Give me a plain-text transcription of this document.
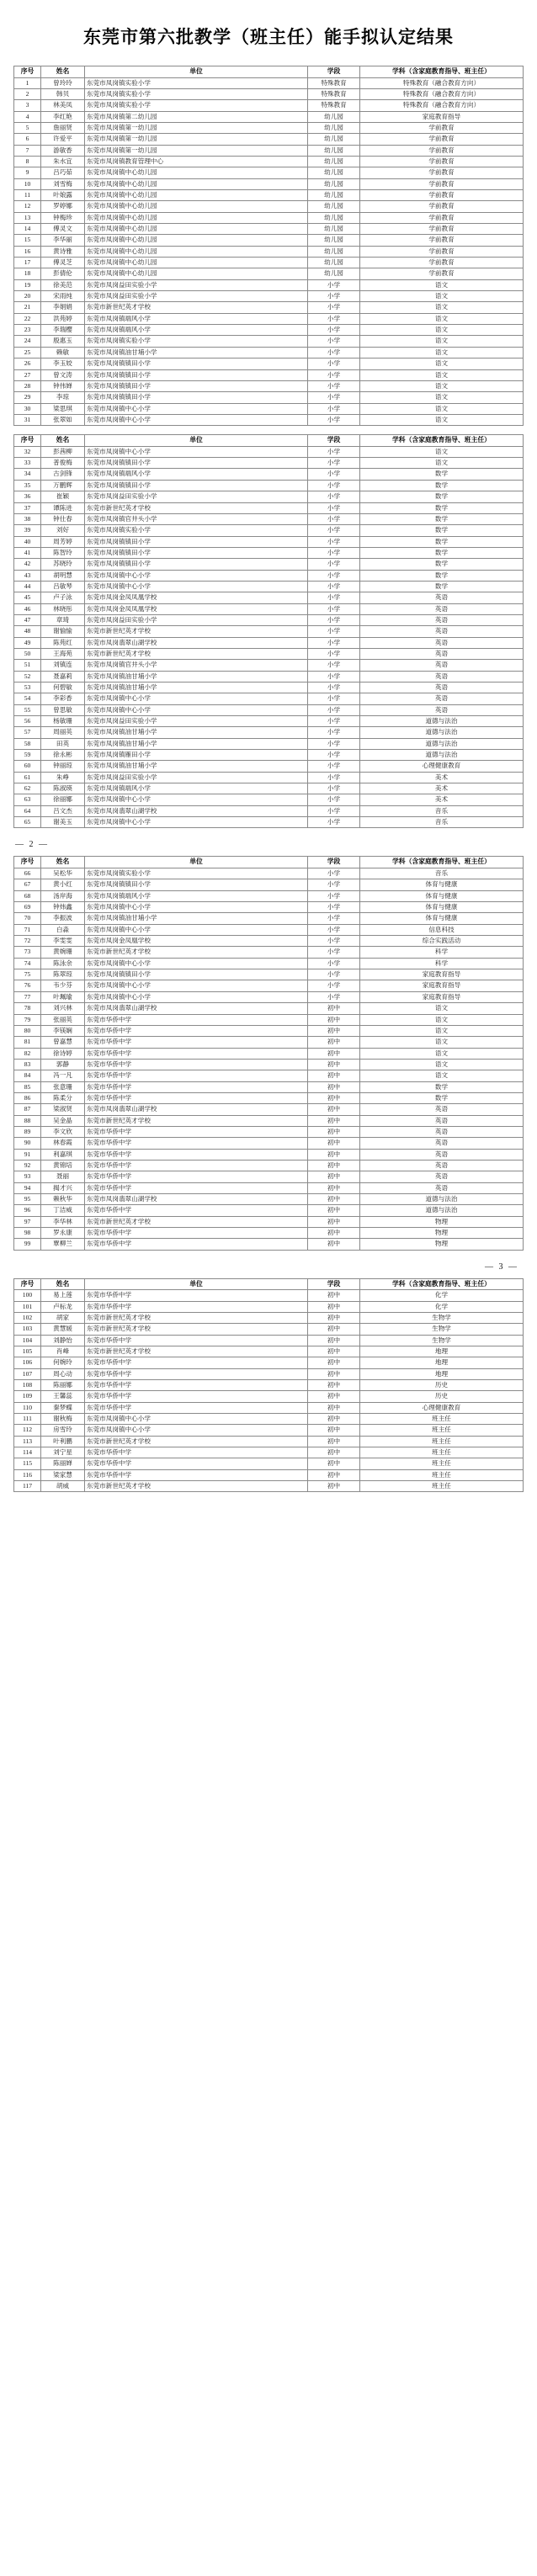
东莞市第六批教学（班主任）能手拟认定结果
序号	姓名	单位	学段	学科（含家庭教育指导、班主任）
1	曾玲玲	东莞市凤岗镇实验小学	特殊教育	特殊教育（融合教育方向）
2	韩贝	东莞市凤岗镇实验小学	特殊教育	特殊教育（融合教育方向）
3	林美凤	东莞市凤岗镇实验小学	特殊教育	特殊教育（融合教育方向）
4	李红艳	东莞市凤岗镇第二幼儿园	幼儿园	家庭教育指导
5	詹丽贤	东莞市凤岗镇第一幼儿园	幼儿园	学前教育
6	许爱平	东莞市凤岗镇第一幼儿园	幼儿园	学前教育
7	游敏香	东莞市凤岗镇第一幼儿园	幼儿园	学前教育
8	朱水宜	东莞市凤岗镇教育管理中心	幼儿园	学前教育
9	吕巧茹	东莞市凤岗镇中心幼儿园	幼儿园	学前教育
10	刘雪梅	东莞市凤岗镇中心幼儿园	幼儿园	学前教育
11	叶娘露	东莞市凤岗镇中心幼儿园	幼儿园	学前教育
12	罗婷娜	东莞市凤岗镇中心幼儿园	幼儿园	学前教育
13	钟梅珍	东莞市凤岗镇中心幼儿园	幼儿园	学前教育
14	傅灵文	东莞市凤岗镇中心幼儿园	幼儿园	学前教育
15	李华丽	东莞市凤岗镇中心幼儿园	幼儿园	学前教育
16	黄诗雅	东莞市凤岗镇中心幼儿园	幼儿园	学前教育
17	傅灵芝	东莞市凤岗镇中心幼儿园	幼儿园	学前教育
18	彭倩伦	东莞市凤岗镇中心幼儿园	幼儿园	学前教育
19	徐美范	东莞市凤岗益田实验小学	小学	语文
20	宋雨纯	东莞市凤岗益田实验小学	小学	语文
21	李娟娟	东莞市新世纪英才学校	小学	语文
22	洪苑婷	东莞市凤岗镇端风小学	小学	语文
23	李瑞樱	东莞市凤岗镇端风小学	小学	语文
24	殷惠玉	东莞市凤岗镇实验小学	小学	语文
25	赖敏	东莞市凤岗镇油甘埔小学	小学	语文
26	李玉姣	东莞市凤岗镇镇田小学	小学	语文
27	曾文涛	东莞市凤岗镇镇田小学	小学	语文
28	钟伟婵	东莞市凤岗镇镇田小学	小学	语文
29	李琼	东莞市凤岗镇镇田小学	小学	语文
30	梁思琪	东莞市凤岗镇中心小学	小学	语文
31	张翠如	东莞市凤岗镇中心小学	小学	语文
序号	姓名	单位	学段	学科（含家庭教育指导、班主任）
32	彭茜柳	东莞市凤岗镇中心小学	小学	语文
33	普俊梅	东莞市凤岗镇镇田小学	小学	语文
34	古剑锋	东莞市凤岗镇端风小学	小学	数学
35	万鹏辉	东莞市凤岗镇镇田小学	小学	数学
36	崔颖	东莞市凤岗益田实验小学	小学	数学
37	谭陈进	东莞市新世纪英才学校	小学	数学
38	钟仕春	东莞市凤岗镇官井头小学	小学	数学
39	刘好	东莞市凤岗镇实验小学	小学	数学
40	周芳婷	东莞市凤岗镇镇田小学	小学	数学
41	陈智玲	东莞市凤岗镇镇田小学	小学	数学
42	苏晓玲	东莞市凤岗镇镇田小学	小学	数学
43	胡明慧	东莞市凤岗镇中心小学	小学	数学
44	吕敏琴	东莞市凤岗镇中心小学	小学	数学
45	卢子泳	东莞市凤岗金凤凤凰学校	小学	英语
46	林晓彤	东莞市凤岗金凤凤凰学校	小学	英语
47	章琦	东莞市凤岗益田实验小学	小学	英语
48	谢愉愉	东莞市新世纪英才学校	小学	英语
49	陈苑红	东莞市凤岗翡翠山湖学校	小学	英语
50	王海苑	东莞市新世纪英才学校	小学	英语
51	刘镇连	东莞市凤岗镇官井头小学	小学	英语
52	聂嘉莉	东莞市凤岗镇油甘埔小学	小学	英语
53	何碧敏	东莞市凤岗镇油甘埔小学	小学	英语
54	李彩香	东莞市凤岗镇中心小学	小学	英语
55	曾思敏	东莞市凤岗镇中心小学	小学	英语
56	杨敏珊	东莞市凤岗益田实验小学	小学	道德与法治
57	周丽英	东莞市凤岗镇油甘埔小学	小学	道德与法治
58	田英	东莞市凤岗镇油甘埔小学	小学	道德与法治
59	徐永彬	东莞市凤岗镇雁田小学	小学	道德与法治
60	钟丽琼	东莞市凤岗镇油甘埔小学	小学	心理健康教育
61	朱峥	东莞市凤岗益田实验小学	小学	美术
62	陈淑瑛	东莞市凤岗镇端风小学	小学	美术
63	徐丽娜	东莞市凤岗镇中心小学	小学	美术
64	吕文杰	东莞市凤岗翡翠山湖学校	小学	音乐
65	谢美玉	东莞市凤岗镇中心小学	小学	音乐
— 2 —
序号	姓名	单位	学段	学科（含家庭教育指导、班主任）
66	吴松华	东莞市凤岗镇实验小学	小学	音乐
67	黄小红	东莞市凤岗镇镇田小学	小学	体育与健康
68	汤岸海	东莞市凤岗镇端风小学	小学	体育与健康
69	钟炜鑫	东莞市凤岗镇中心小学	小学	体育与健康
70	李振波	东莞市凤岗镇油甘埔小学	小学	体育与健康
71	白淼	东莞市凤岗镇中心小学	小学	信息科技
72	李雯雯	东莞市凤岗金凤凰学校	小学	综合实践活动
73	黄婉珊	东莞市新世纪英才学校	小学	科学
74	陈泳余	东莞市凤岗镇中心小学	小学	科学
75	陈翠琼	东莞市凤岗镇镇田小学	小学	家庭教育指导
76	韦少芬	东莞市凤岗镇中心小学	小学	家庭教育指导
77	叶珮瑜	东莞市凤岗镇中心小学	小学	家庭教育指导
78	刘兴林	东莞市凤岗翡翠山湖学校	初中	语文
79	张丽英	东莞市华侨中学	初中	语文
80	李镁娴	东莞市华侨中学	初中	语文
81	曾嘉慧	东莞市华侨中学	初中	语文
82	徐诗婷	东莞市华侨中学	初中	语文
83	郭静	东莞市华侨中学	初中	语文
84	冯一凡	东莞市华侨中学	初中	语文
85	张意珊	东莞市华侨中学	初中	数学
86	陈柔分	东莞市华侨中学	初中	数学
87	梁淑贤	东莞市凤岗翡翠山湖学校	初中	英语
88	吴金晶	东莞市新世纪英才学校	初中	英语
89	李文欣	东莞市华侨中学	初中	英语
90	林春霞	东莞市华侨中学	初中	英语
91	利嘉琪	东莞市华侨中学	初中	英语
92	黄锦培	东莞市华侨中学	初中	英语
93	聂丽	东莞市华侨中学	初中	英语
94	揭才兴	东莞市华侨中学	初中	英语
95	赖秋华	东莞市凤岗翡翠山湖学校	初中	道德与法治
96	丁洁威	东莞市华侨中学	初中	道德与法治
97	李华林	东莞市新世纪英才学校	初中	物理
98	罗永康	东莞市华侨中学	初中	物理
99	覃柳兰	东莞市华侨中学	初中	物理
— 3 —
序号	姓名	单位	学段	学科（含家庭教育指导、班主任）
100	易上莲	东莞市华侨中学	初中	化学
101	卢标龙	东莞市华侨中学	初中	化学
102	胡家	东莞市新世纪英才学校	初中	生物学
103	黄慧媛	东莞市新世纪英才学校	初中	生物学
104	刘静怡	东莞市华侨中学	初中	生物学
105	肖峰	东莞市新世纪英才学校	初中	地理
106	何婉玲	东莞市华侨中学	初中	地理
107	周心动	东莞市华侨中学	初中	地理
108	陈丽娜	东莞市华侨中学	初中	历史
109	王馨蕊	东莞市华侨中学	初中	历史
110	秦梦蝶	东莞市华侨中学	初中	心理健康教育
111	谢秋梅	东莞市凤岗镇中心小学	初中	班主任
112	房雪玲	东莞市凤岗镇中心小学	初中	班主任
113	叶利鹏	东莞市新世纪英才学校	初中	班主任
114	刘宁星	东莞市华侨中学	初中	班主任
115	陈丽婵	东莞市华侨中学	初中	班主任
116	梁家慧	东莞市华侨中学	初中	班主任
117	胡威	东莞市新世纪英才学校	初中	班主任
